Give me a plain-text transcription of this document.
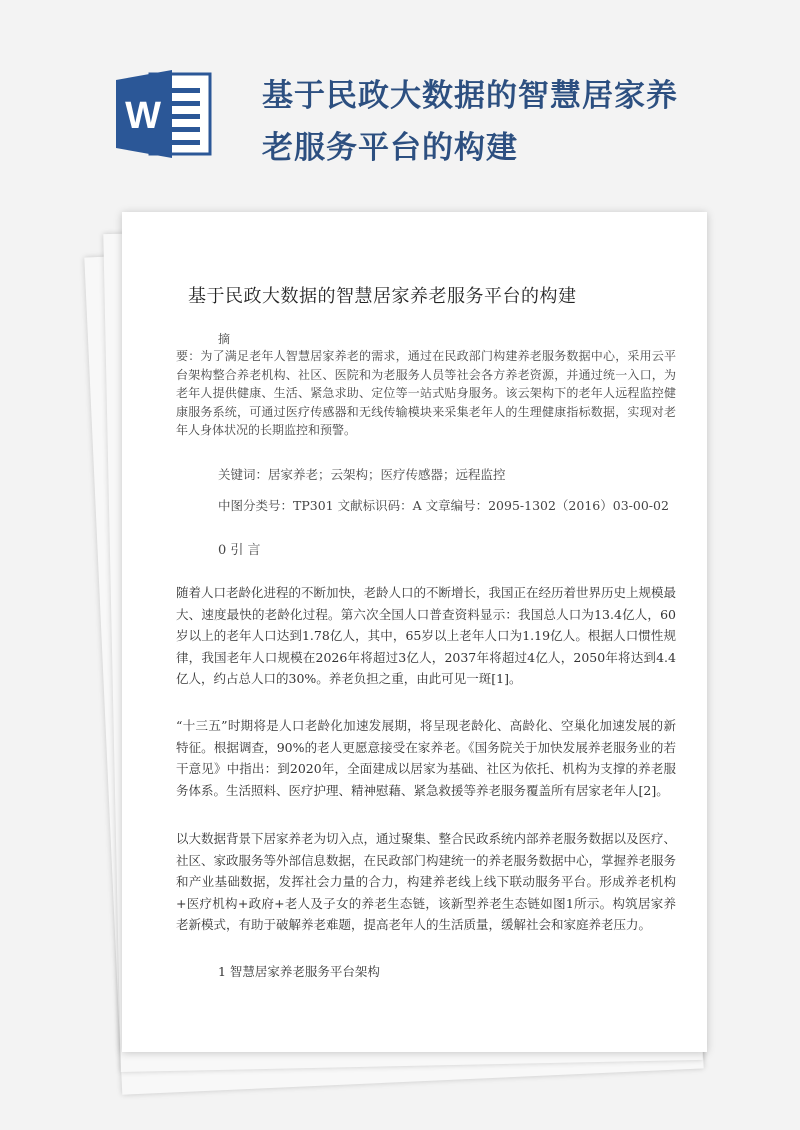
W	基于民政大数据的智慧居家养老服务平台的构建
基于民政大数据的智慧居家养老服务平台的构建
摘
要：为了满足老年人智慧居家养老的需求，通过在民政部门构建养老服务数据中心，采用云平台架构整合养老机构、社区、医院和为老服务人员等社会各方养老资源，并通过统一入口，为老年人提供健康、生活、紧急求助、定位等一站式贴身服务。该云架构下的老年人远程监控健康服务系统，可通过医疗传感器和无线传输模块来采集老年人的生理健康指标数据，实现对老年人身体状况的长期监控和预警。
关键词：居家养老；云架构；医疗传感器；远程监控
中图分类号：TP301 文献标识码：A 文章编号：2095-1302（2016）03-00-02
0 引 言
随着人口老龄化进程的不断加快，老龄人口的不断增长，我国正在经历着世界历史上规模最大、速度最快的老龄化过程。第六次全国人口普查资料显示：我国总人口为13.4亿人，60岁以上的老年人口达到1.78亿人，其中，65岁以上老年人口为1.19亿人。根据人口惯性规律，我国老年人口规模在2026年将超过3亿人，2037年将超过4亿人，2050年将达到4.4亿人，约占总人口的30%。养老负担之重，由此可见一斑[1]。
“十三五”时期将是人口老龄化加速发展期，将呈现老龄化、高龄化、空巢化加速发展的新特征。根据调查，90%的老人更愿意接受在家养老。《国务院关于加快发展养老服务业的若干意见》中指出：到2020年，全面建成以居家为基础、社区为依托、机构为支撑的养老服务体系。生活照料、医疗护理、精神慰藉、紧急救援等养老服务覆盖所有居家老年人[2]。
以大数据背景下居家养老为切入点，通过聚集、整合民政系统内部养老服务数据以及医疗、社区、家政服务等外部信息数据，在民政部门构建统一的养老服务数据中心，掌握养老服务和产业基础数据，发挥社会力量的合力，构建养老线上线下联动服务平台。形成养老机构+医疗机构+政府+老人及子女的养老生态链，该新型养老生态链如图1所示。构筑居家养老新模式，有助于破解养老难题，提高老年人的生活质量，缓解社会和家庭养老压力。
1 智慧居家养老服务平台架构
